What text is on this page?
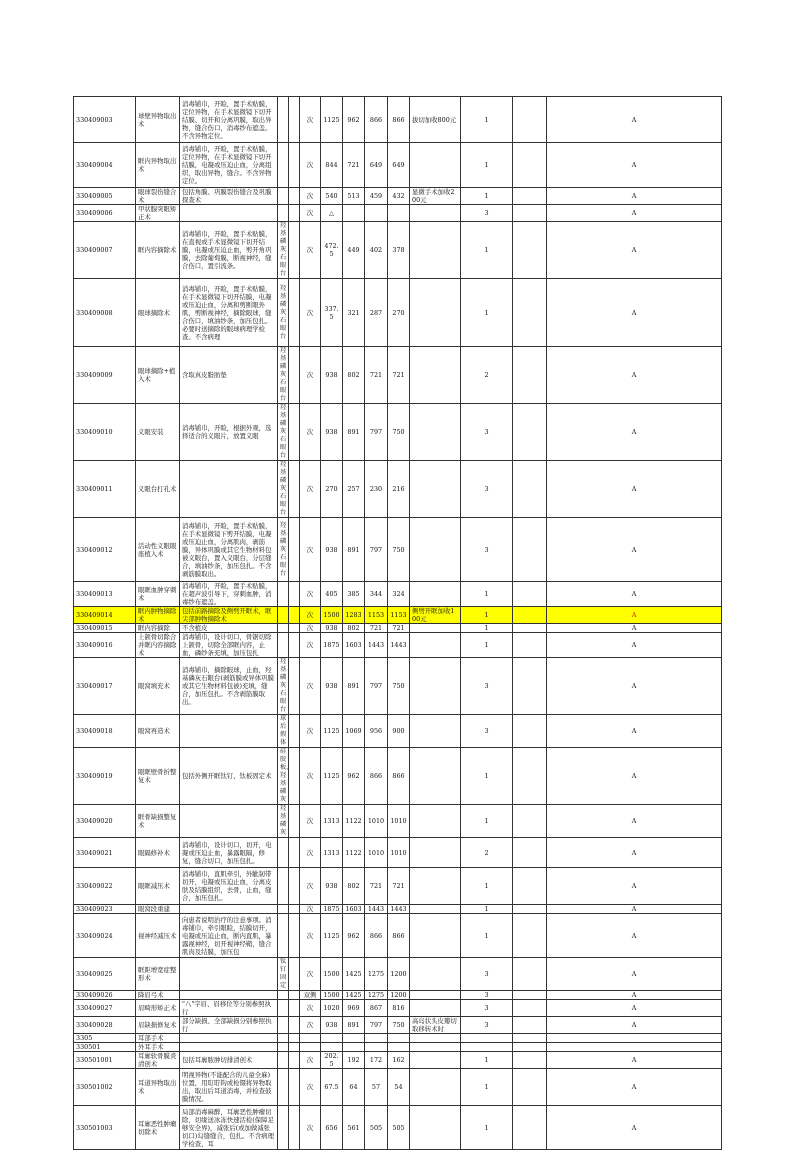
330409003	球壁异物取出术	消毒铺巾，开睑，置手术贴膜，定位异物，在手术显微镜下切开结膜、切开和分离巩膜，取出异物，缝合伤口，消毒纱布遮盖。不含异物定位。			次	1125	962	866	866	拔切加收800元	1		A
330409004	眶内异物取出术	消毒铺巾，开睑，置手术贴膜，定位异物，在手术显微镜下切开结膜，电凝或压迫止血，分离组织，取出异物，缝合。不含异物定位。			次	844	721	649	649		1		A
330409005	眼球裂伤缝合术	包括角膜、巩膜裂伤缝合及巩膜探查术			次	540	513	459	432	显微手术加收200元	1		A
330409006	甲状腺突眼矫正术				次	△					3		A
330409007	眶内容摘除术	消毒铺巾，开睑，置手术贴膜，在直视或手术显微镜下切开结膜，电凝或压迫止血，剪开角巩膜，去除葡萄膜，断视神经，缝合伤口，置引流条。	羟基磷灰石眼台		次	472.5	449	402	378		1		A
330409008	眼球摘除术	消毒铺巾，开睑，置手术贴膜，在手术显微镜下切开结膜，电凝或压迫止血，分离和剪断眼外肌，剪断视神经，摘除眼球，缝合伤口，填油纱条，加压包扎。必要时送摘除的眼球病理学检查。不含病理	羟基磷灰石眼台		次	337.5	321	287	270		1		A
330409009	眼球摘除+植入术	含取真皮脂肪垫	羟基磷灰石眼台		次	938	802	721	721		2		A
330409010	义眼安装	消毒铺巾，开睑，根据外观，选择适合的义眼片，放置义眼	羟基磷灰石眼台		次	938	891	797	750		3		A
330409011	义眼台打孔术		羟基磷灰石眼台		次	270	257	230	216		3		A
330409012	活动性义眼眼座植入术	消毒铺巾，开睑，置手术贴膜，在手术显微镜下剪开结膜，电凝或压迫止血，分离肌肉，剥筋膜，异体巩膜或其它生物材料包被义眼台，置入义眼台，分层缝合，填油纱条，加压包扎。不含剥筋膜取出。	羟基磷灰石眼台		次	938	891	797	750		3		A
330409013	眼眶血肿穿刺术	消毒铺巾，开睑，置手术贴膜，在超声波引导下，穿刺血肿，消毒纱布遮盖。			次	405	385	344	324		1		A
330409014	眶内肿物摘除术	包括前路摘除及侧劈开眶术，眶尖部肿物摘除术			次	1500	1283	1153	1153	侧劈开眶加收100元	1		A
330409015	眶内容摘除	不含植皮			次	938	802	721	721		1		A
330409016	上颌骨切除合并眶内容摘除术	消毒铺巾，设计切口，骨锯切除上颌骨，切除全部眶内容，止血，磷纱条充填，加压包扎			次	1875	1603	1443	1443		1		A
330409017	眼窝填充术	消毒铺巾，摘除眼球，止血，羟基磷灰石眼台(剥筋膜或异体巩膜或其它生物材料包被)充填，缝合，加压包扎。不含剥筋膜取出。	羟基磷灰石眼台		次	938	891	797	750		3		A
330409018	眼窝再造术		球后假体		次	1125	1069	956	900		3		A
330409019	眼眶壁骨折整复术	包括外侧开眶钛钉、钛板固定术	硅胶板、羟基磷灰		次	1125	962	866	866		1		A
330409020	眶骨缺损整复术		羟基磷灰		次	1313	1122	1010	1010		1		A
330409021	眼隔修补术	消毒铺巾，设计切口，切开，电凝或压迫止血，暴露眼隔，修复，缝合切口，加压包扎。			次	1313	1122	1010	1010		2		A
330409022	眼眶减压术	消毒铺巾，直肌牵引，外眦韧带切开，电凝或压迫止血，分离皮肤及结膜组织，去骨，止血，缝合，加压包扎。			次	938	802	721	721		1		A
330409023	眼窝段重建				次	1875	1603	1443	1443		1		A
330409024	视神经减压术	向患者说明治疗的注意事项。消毒铺巾，牵引眼睑，结膜切开，电凝或压迫止血，断内直肌，暴露视神经，切开视神经鞘，缝合肌肉及结膜，加压包			次	1125	962	866	866		1		A
330409025	眶距增宽症整形术		钛钉固定		次	1500	1425	1275	1200		3		A
330409026	降眉弓术				双侧	1500	1425	1275	1200		3		A
330409027	眉畸形矫正术	"八"字眉、眉移位等分别参照执行			次	1020	969	867	816		3		A
330409028	眉缺损修复术	部分缺损、全部缺损分别参照执行			次	938	891	797	750	高岛状头皮瓣切取移转术时	3		A
3305	耳部手术												
330501	外耳手术												
330501001	耳廓软骨膜炎清创术	包括耳廓脓肿切排清创术			次	202.5	192	172	162		1		A
330501002	耳道异物取出术	明视异物(不能配合的儿童全麻)位置，用耵聍钩或枪镊将异物取出，取出后耳道消毒，并检查鼓膜情况。			次	67.5	64	57	54		1		A
330501003	耳廓恶性肿瘤切除术	局部消毒麻醉，耳廓恶性肿瘤切除，切缘送冰冻快速活检(保障足够安全界)，减张后(或加做减张切口)勾缝缝合，包扎。不含病理学检查、耳			次	656	561	505	505		1		A
